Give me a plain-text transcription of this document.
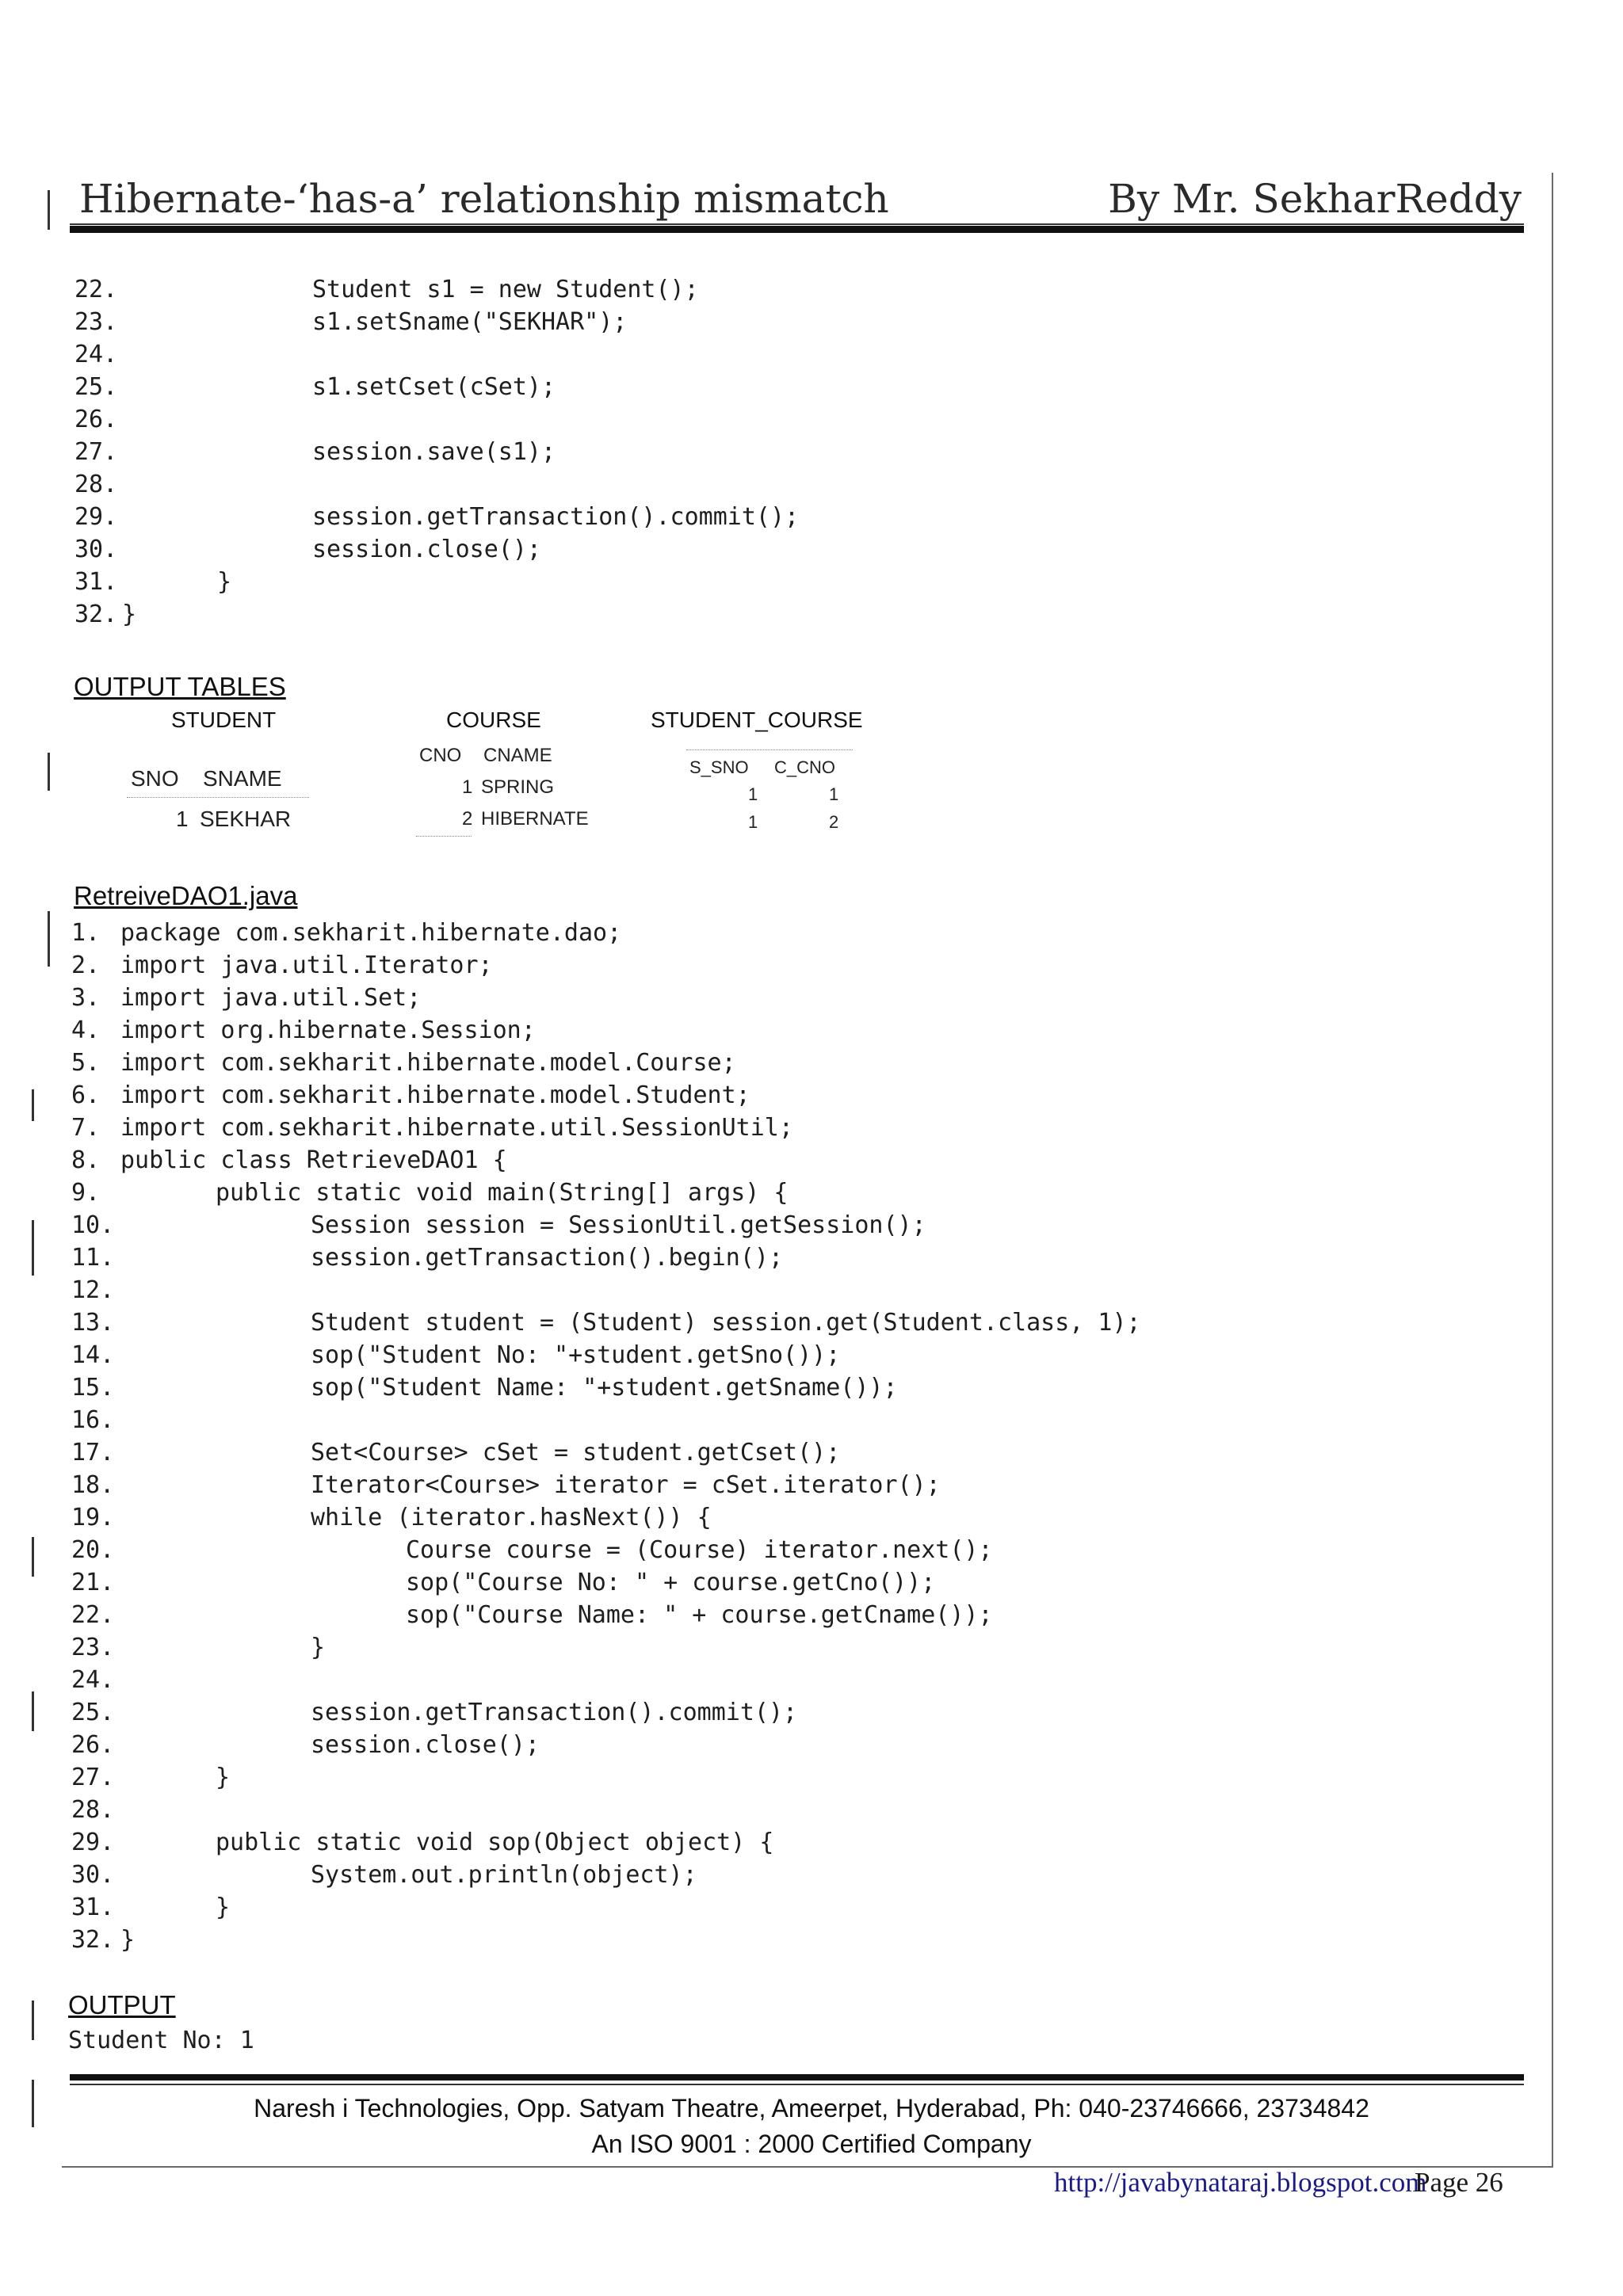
Hibernate-‘has-a’ relationship mismatch	By Mr. SekharReddy
22.	Student s1 = new Student();
23.	s1.setSname("SEKHAR");
24.
25.	s1.setCset(cSet);
26.
27.	session.save(s1);
28.
29.	session.getTransaction().commit();
30.	session.close();
31.	}
32. }
OUTPUT TABLES
STUDENT
SNO SNAME
1 SEKHAR
COURSE
CNO CNAME
1 SPRING
2 HIBERNATE
STUDENT_COURSE
S_SNO C_CNO
1	1
1	2
RetreiveDAO1.java
1. package com.sekharit.hibernate.dao;
2. import java.util.Iterator;
3. import java.util.Set;
4. import org.hibernate.Session;
5. import com.sekharit.hibernate.model.Course;
6. import com.sekharit.hibernate.model.Student;
7. import com.sekharit.hibernate.util.SessionUtil;
8. public class RetrieveDAO1 {
9.	public static void main(String[] args) {
10.	Session session = SessionUtil.getSession();
11.	session.getTransaction().begin();
12.
13.	Student student = (Student) session.get(Student.class, 1);
14.	sop("Student No: "+student.getSno());
15.	sop("Student Name: "+student.getSname());
16.
17.	Set<Course> cSet = student.getCset();
18.	Iterator<Course> iterator = cSet.iterator();
19.	while (iterator.hasNext()) {
20.	Course course = (Course) iterator.next();
21.	sop("Course No: " + course.getCno());
22.	sop("Course Name: " + course.getCname());
23.	}
24.
25.	session.getTransaction().commit();
26.	session.close();
27.	}
28.
29.	public static void sop(Object object) {
30.	System.out.println(object);
31.	}
32. }
OUTPUT
Student No: 1
Naresh i Technologies, Opp. Satyam Theatre, Ameerpet, Hyderabad, Ph: 040-23746666, 23734842
An ISO 9001 : 2000 Certified Company
http://javabynataraj.blogspot.com
Page 26
